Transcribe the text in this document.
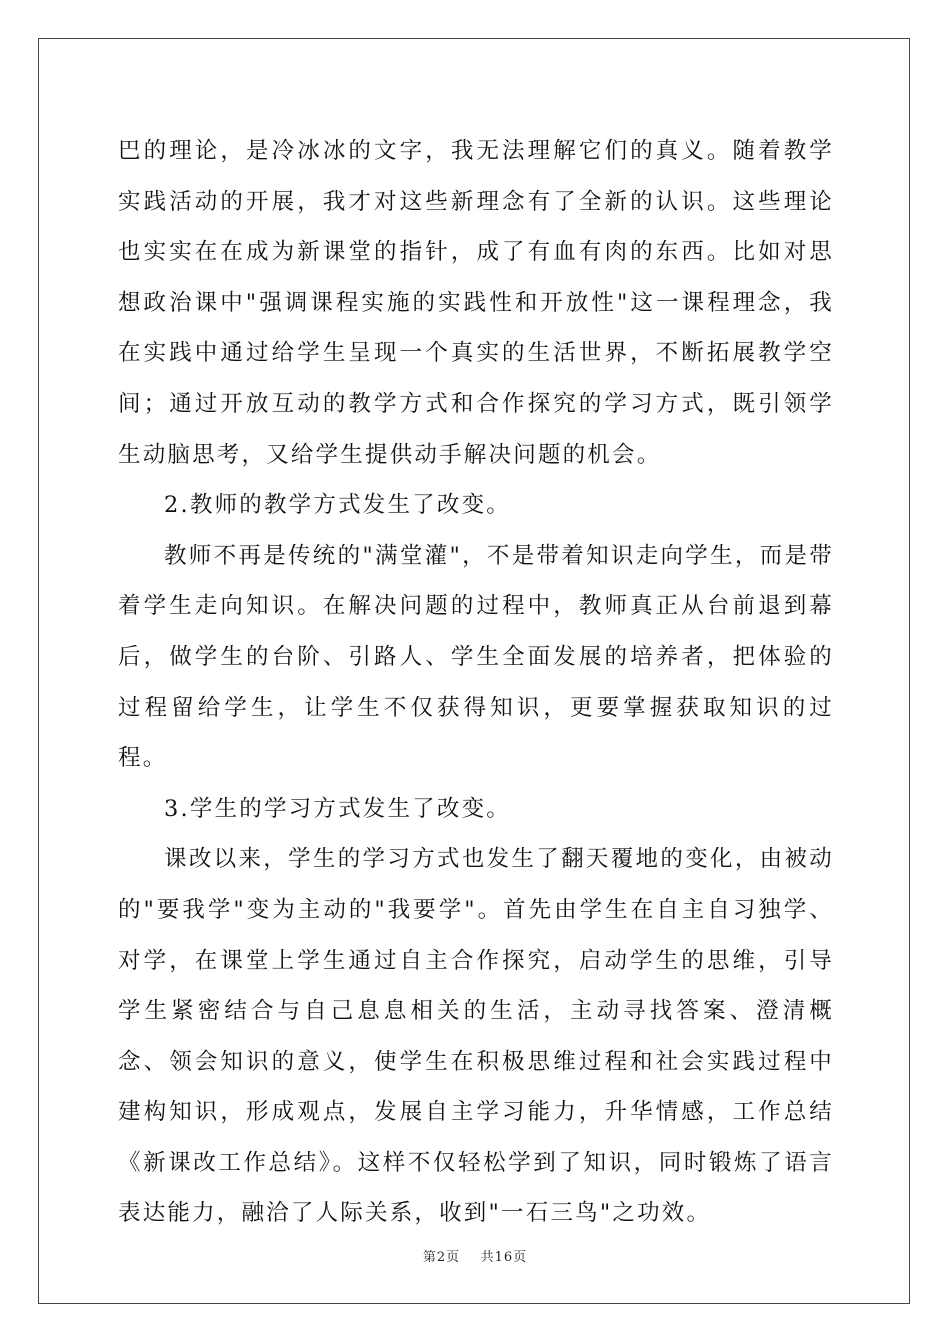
巴的理论，是冷冰冰的文字，我无法理解它们的真义。随着教学实践活动的开展，我才对这些新理念有了全新的认识。这些理论也实实在在成为新课堂的指针，成了有血有肉的东西。比如对思想政治课中"强调课程实施的实践性和开放性"这一课程理念，我在实践中通过给学生呈现一个真实的生活世界，不断拓展教学空间；通过开放互动的教学方式和合作探究的学习方式，既引领学生动脑思考，又给学生提供动手解决问题的机会。

2.教师的教学方式发生了改变。

教师不再是传统的"满堂灌"，不是带着知识走向学生，而是带着学生走向知识。在解决问题的过程中，教师真正从台前退到幕后，做学生的台阶、引路人、学生全面发展的培养者，把体验的过程留给学生，让学生不仅获得知识，更要掌握获取知识的过程。

3.学生的学习方式发生了改变。

课改以来，学生的学习方式也发生了翻天覆地的变化，由被动的"要我学"变为主动的"我要学"。首先由学生在自主自习独学、对学，在课堂上学生通过自主合作探究，启动学生的思维，引导学生紧密结合与自己息息相关的生活，主动寻找答案、澄清概念、领会知识的意义，使学生在积极思维过程和社会实践过程中建构知识，形成观点，发展自主学习能力，升华情感，工作总结《新课改工作总结》。这样不仅轻松学到了知识，同时锻炼了语言表达能力，融洽了人际关系，收到"一石三鸟"之功效。

第2页 共16页
